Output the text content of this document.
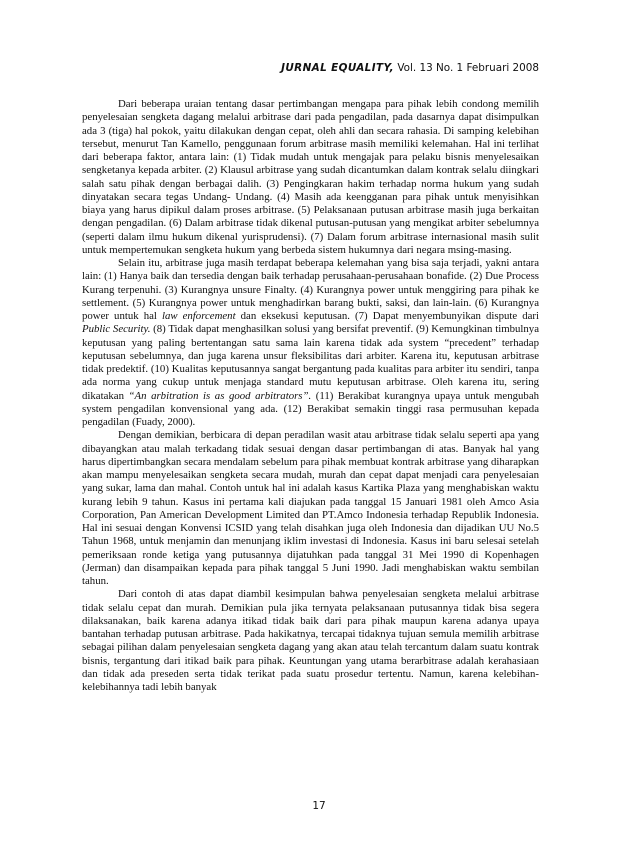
JURNAL EQUALITY, Vol. 13 No. 1 Februari 2008

Dari beberapa uraian tentang dasar pertimbangan mengapa para pihak lebih condong memilih penyelesaian sengketa dagang melalui arbitrase dari pada pengadilan, pada dasarnya dapat disimpulkan ada 3 (tiga) hal pokok, yaitu dilakukan dengan cepat, oleh ahli dan secara rahasia. Di samping kelebihan tersebut, menurut Tan Kamello, penggunaan forum arbitrase masih memiliki kelemahan. Hal ini terlihat dari beberapa faktor, antara lain: (1) Tidak mudah untuk mengajak para pelaku bisnis menyelesaikan sengketanya kepada arbiter. (2) Klausul arbitrase yang sudah dicantumkan dalam kontrak selalu diingkari salah satu pihak dengan berbagai dalih. (3) Pengingkaran hakim terhadap norma hukum yang sudah dinyatakan secara tegas Undang- Undang. (4) Masih ada keengganan para pihak untuk menyisihkan biaya yang harus dipikul dalam proses arbitrase. (5) Pelaksanaan putusan arbitrase masih juga berkaitan dengan pengadilan. (6) Dalam arbitrase tidak dikenal putusan-putusan yang mengikat arbiter sebelumnya (seperti dalam ilmu hukum dikenal yurisprudensi). (7) Dalam forum arbitrase internasional masih sulit untuk mempertemukan sengketa hukum yang berbeda sistem hukumnya dari negara msing-masing.

Selain itu, arbitrase juga masih terdapat beberapa kelemahan yang bisa saja terjadi, yakni antara lain: (1) Hanya baik dan tersedia dengan baik terhadap perusahaan-perusahaan bonafide. (2) Due Process Kurang terpenuhi. (3) Kurangnya unsure Finalty. (4) Kurangnya power untuk menggiring para pihak ke settlement. (5) Kurangnya power untuk menghadirkan barang bukti, saksi, dan lain-lain. (6) Kurangnya power untuk hal law enforcement dan eksekusi keputusan. (7) Dapat menyembunyikan dispute dari Public Security. (8) Tidak dapat menghasilkan solusi yang bersifat preventif. (9) Kemungkinan timbulnya keputusan yang paling bertentangan satu sama lain karena tidak ada system “precedent” terhadap keputusan sebelumnya, dan juga karena unsur fleksibilitas dari arbiter. Karena itu, keputusan arbitrase tidak predektif. (10) Kualitas keputusannya sangat bergantung pada kualitas para arbiter itu sendiri, tanpa ada norma yang cukup untuk menjaga standard mutu keputusan arbitrase. Oleh karena itu, sering dikatakan “An arbitration is as good arbitrators”. (11) Berakibat kurangnya upaya untuk mengubah system pengadilan konvensional yang ada. (12) Berakibat semakin tinggi rasa permusuhan kepada pengadilan (Fuady, 2000).

Dengan demikian, berbicara di depan peradilan wasit atau arbitrase tidak selalu seperti apa yang dibayangkan atau malah terkadang tidak sesuai dengan dasar pertimbangan di atas. Banyak hal yang harus dipertimbangkan secara mendalam sebelum para pihak membuat kontrak arbitrase yang diharapkan akan mampu menyelesaikan sengketa secara mudah, murah dan cepat dapat menjadi cara penyelesaian yang sukar, lama dan mahal. Contoh untuk hal ini adalah kasus Kartika Plaza yang menghabiskan waktu kurang lebih 9 tahun. Kasus ini pertama kali diajukan pada tanggal 15 Januari 1981 oleh Amco Asia Corporation, Pan American Development Limited dan PT.Amco Indonesia terhadap Republik Indonesia. Hal ini sesuai dengan Konvensi ICSID yang telah disahkan juga oleh Indonesia dan dijadikan UU No.5 Tahun 1968, untuk menjamin dan menunjang iklim investasi di Indonesia. Kasus ini baru selesai setelah pemeriksaan ronde ketiga yang putusannya dijatuhkan pada tanggal 31 Mei 1990 di Kopenhagen (Jerman) dan disampaikan kepada para pihak tanggal 5 Juni 1990. Jadi menghabiskan waktu sembilan tahun.

Dari contoh di atas dapat diambil kesimpulan bahwa penyelesaian sengketa melalui arbitrase tidak selalu cepat dan murah. Demikian pula jika ternyata pelaksanaan putusannya tidak bisa segera dilaksanakan, baik karena adanya itikad tidak baik dari para pihak maupun karena adanya upaya bantahan terhadap putusan arbitrase. Pada hakikatnya, tercapai tidaknya tujuan semula memilih arbitrase sebagai pilihan dalam penyelesaian sengketa dagang yang akan atau telah tercantum dalam suatu kontrak bisnis, tergantung dari itikad baik para pihak. Keuntungan yang utama berarbitrase adalah kerahasiaan dan tidak ada preseden serta tidak terikat pada suatu prosedur tertentu. Namun, karena kelebihan-kelebihannya tadi lebih banyak

17
